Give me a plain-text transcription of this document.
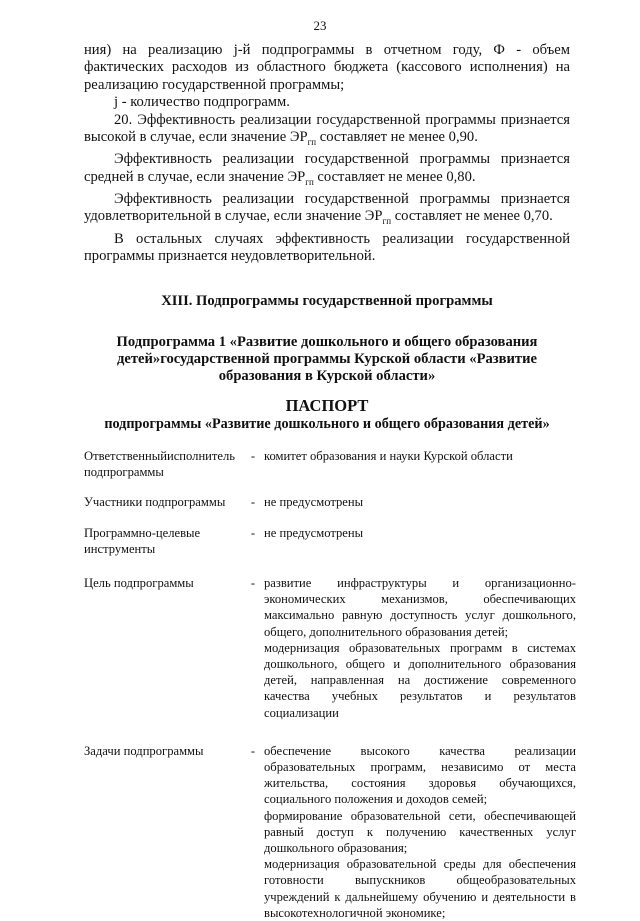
23

ния) на реализацию j-й подпрограммы в отчетном году, Ф - объем фактических расходов из областного бюджета (кассового исполнения) на реализацию государственной программы;

j - количество подпрограмм.

20. Эффективность реализации государственной программы признается высокой в случае, если значение $ЭР_{гп}$ составляет не менее 0,90.

Эффективность реализации государственной программы признается средней в случае, если значение $ЭР_{гп}$ составляет не менее 0,80.

Эффективность реализации государственной программы признается удовлетворительной в случае, если значение $ЭР_{гп}$ составляет не менее 0,70.

В остальных случаях эффективность реализации государственной программы признается неудовлетворительной.

XIII. Подпрограммы государственной программы

Подпрограмма 1 «Развитие дошкольного и общего образования детей»государственной программы Курской области «Развитие образования в Курской области»

ПАСПОРТ

подпрограммы «Развитие дошкольного и общего образования детей»

Ответственныйисполнитель подпрограммы
- комитет образования и науки Курской области
Участники подпрограммы	- не предусмотрены
Программно-целевые инструменты
- не предусмотрены
Цель подпрограммы	- развитие инфраструктуры и организационно-экономических механизмов, обеспечивающих максимально равную доступность услуг дошкольного, общего, дополнительного образования детей;
модернизация образовательных программ в системах дошкольного, общего и дополнительного образования детей, направленная на достижение современного качества учебных результатов и результатов социализации
Задачи подпрограммы	- обеспечение высокого качества реализации образовательных программ, независимо от места жительства, состояния здоровья обучающихся, социального положения и доходов семей;
формирование образовательной сети, обеспечивающей равный доступ к получению качественных услуг дошкольного образования;
модернизация образовательной среды для обеспечения готовности выпускников общеобразовательных учреждений к дальнейшему обучению и деятельности в высокотехнологичной экономике;
